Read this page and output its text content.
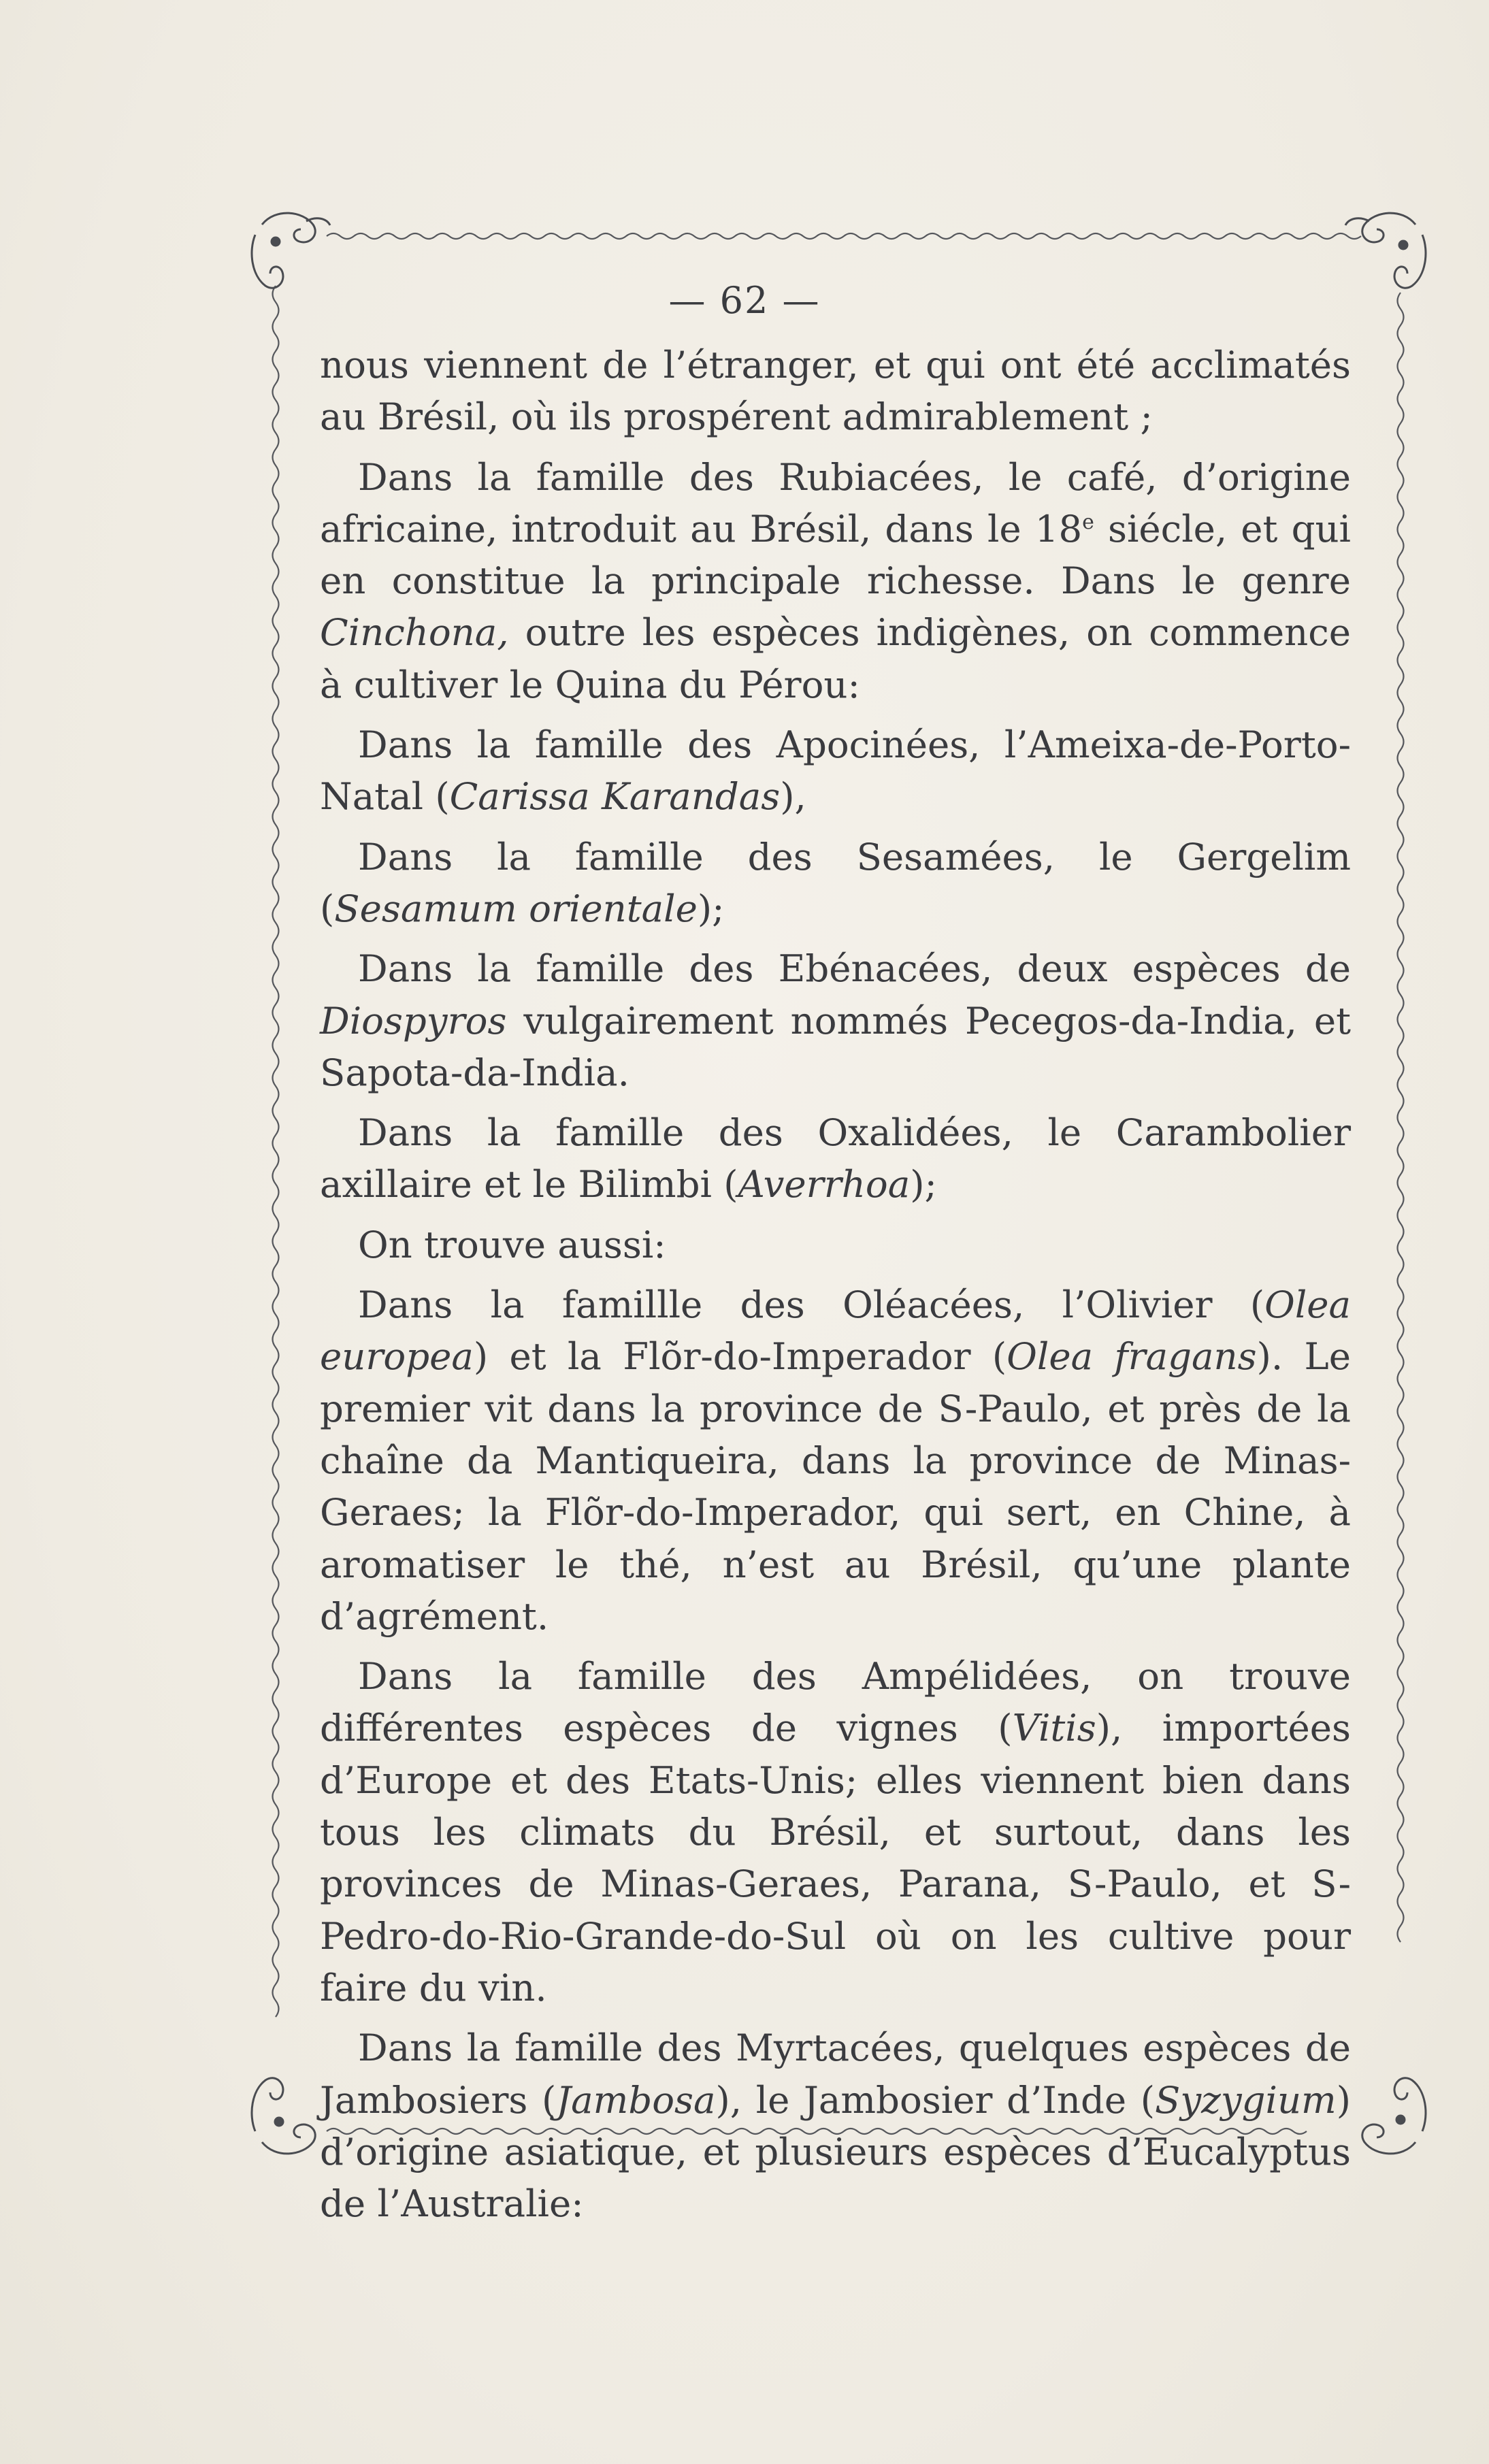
— 62 —

nous viennent de l’étranger, et qui ont été acclimatés au Brésil, où ils prospérent admirablement ;

Dans la famille des Rubiacées, le café, d’origine africaine, introduit au Brésil, dans le 18e siécle, et qui en constitue la principale richesse. Dans le genre Cinchona, outre les espèces indigènes, on commence à cultiver le Quina du Pérou:

Dans la famille des Apocinées, l’Ameixa-de-Porto-Natal (Carissa Karandas),

Dans la famille des Sesamées, le Gergelim (Sesamum orientale);

Dans la famille des Ebénacées, deux espèces de Diospyros vulgairement nommés Pecegos-da-India, et Sapota-da-India.

Dans la famille des Oxalidées, le Carambolier axillaire et le Bilimbi (Averrhoa);

On trouve aussi:

Dans la famillle des Oléacées, l’Olivier (Olea europea) et la Flõr-do-Imperador (Olea fragans). Le premier vit dans la province de S-Paulo, et près de la chaîne da Mantiqueira, dans la province de Minas-Geraes; la Flõr-do-Imperador, qui sert, en Chine, à aromatiser le thé, n’est au Brésil, qu’une plante d’agrément.

Dans la famille des Ampélidées, on trouve différentes espèces de vignes (Vitis), importées d’Europe et des Etats-Unis; elles viennent bien dans tous les climats du Brésil, et surtout, dans les provinces de Minas-Geraes, Parana, S-Paulo, et S-Pedro-do-Rio-Grande-do-Sul où on les cultive pour faire du vin.

Dans la famille des Myrtacées, quelques espèces de Jambosiers (Jambosa), le Jambosier d’Inde (Syzygium) d’origine asiatique, et plusieurs espèces d’Eucalyptus de l’Australie:
